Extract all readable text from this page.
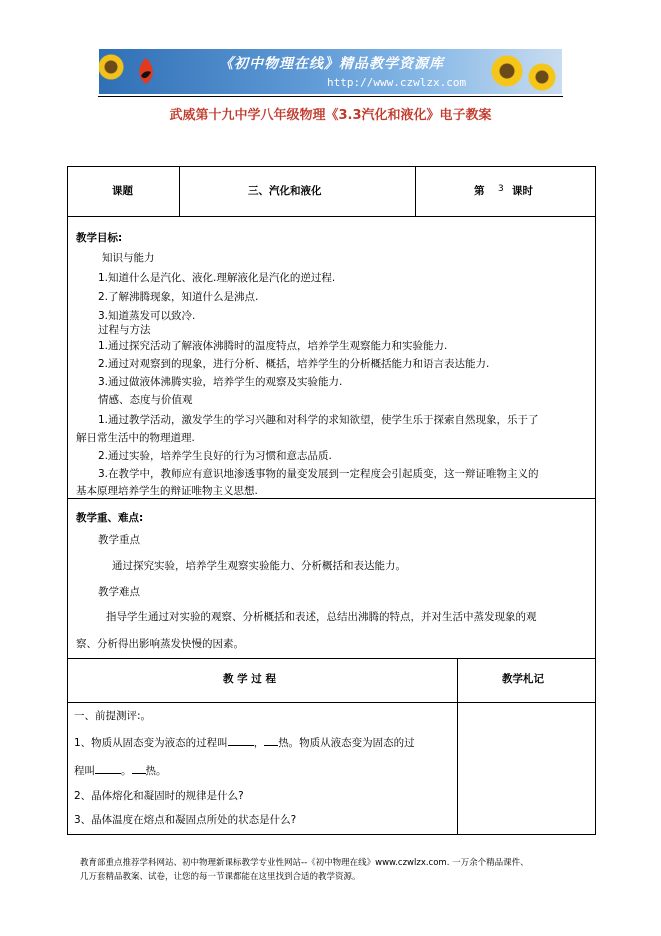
《初中物理在线》精品教学资源库
http://www.czwlzx.com
武威第十九中学八年级物理《3.3汽化和液化》电子教案
课题	三、汽化和液化	第 3 课时
教学目标:
知识与能力
1.知道什么是汽化、液化.理解液化是汽化的逆过程.
2.了解沸腾现象，知道什么是沸点.
3.知道蒸发可以致冷.
过程与方法
1.通过探究活动了解液体沸腾时的温度特点，培养学生观察能力和实验能力.
2.通过对观察到的现象，进行分析、概括，培养学生的分析概括能力和语言表达能力.
3.通过做液体沸腾实验，培养学生的观察及实验能力.
情感、态度与价值观
1.通过教学活动，激发学生的学习兴趣和对科学的求知欲望，使学生乐于探索自然现象，乐于了
解日常生活中的物理道理.
2.通过实验，培养学生良好的行为习惯和意志品质.
3.在教学中，教师应有意识地渗透事物的量变发展到一定程度会引起质变，这一辩证唯物主义的
基本原理培养学生的辩证唯物主义思想.
教学重、难点:
教学重点
通过探究实验，培养学生观察实验能力、分析概括和表达能力。
教学难点
指导学生通过对实验的观察、分析概括和表述，总结出沸腾的特点，并对生活中蒸发现象的观
察、分析得出影响蒸发快慢的因素。
教 学 过 程	教学札记
一、前提测评:。
1、物质从固态变为液态的过程叫 ， 热。物质从液态变为固态的过
程叫 。 热。
2、晶体熔化和凝固时的规律是什么?
3、晶体温度在熔点和凝固点所处的状态是什么?
教育部重点推荐学科网站、初中物理新课标教学专业性网站--《初中物理在线》www.czwlzx.com. 一万余个精品课件、
几万套精品教案、试卷，让您的每一节课都能在这里找到合适的教学资源。
